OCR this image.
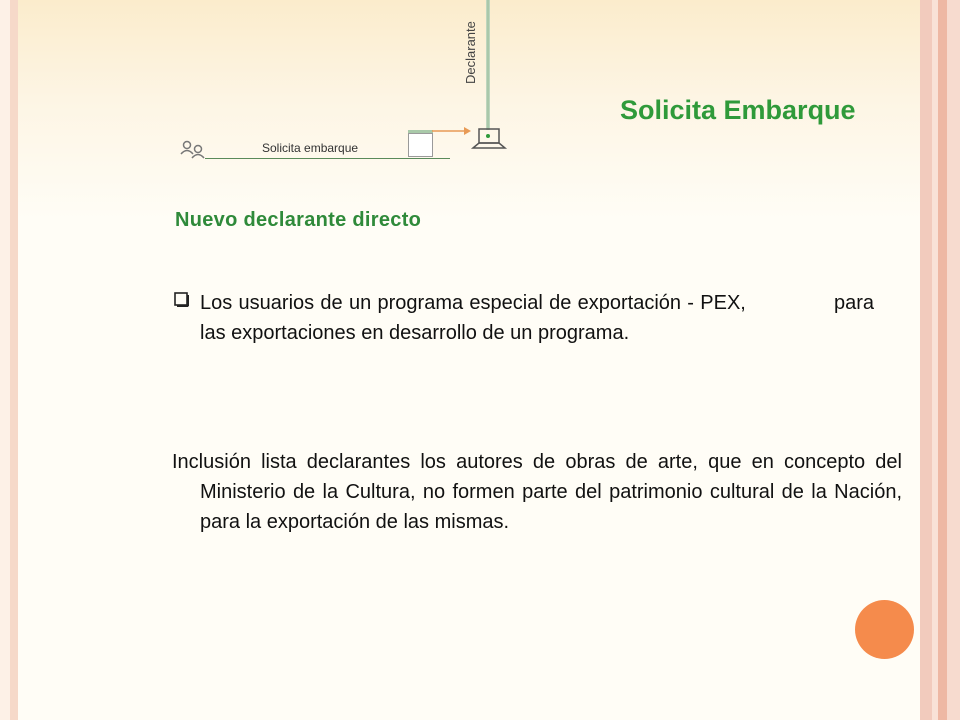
Declarante
Solicita Embarque
Solicita embarque
Nuevo declarante directo
Los usuarios de un programa especial de exportación - PEX,              para las exportaciones en desarrollo de un programa.
Inclusión lista declarantes los autores de obras de arte, que en concepto del Ministerio de la Cultura, no formen parte del patrimonio cultural de la Nación, para la exportación de las mismas.
